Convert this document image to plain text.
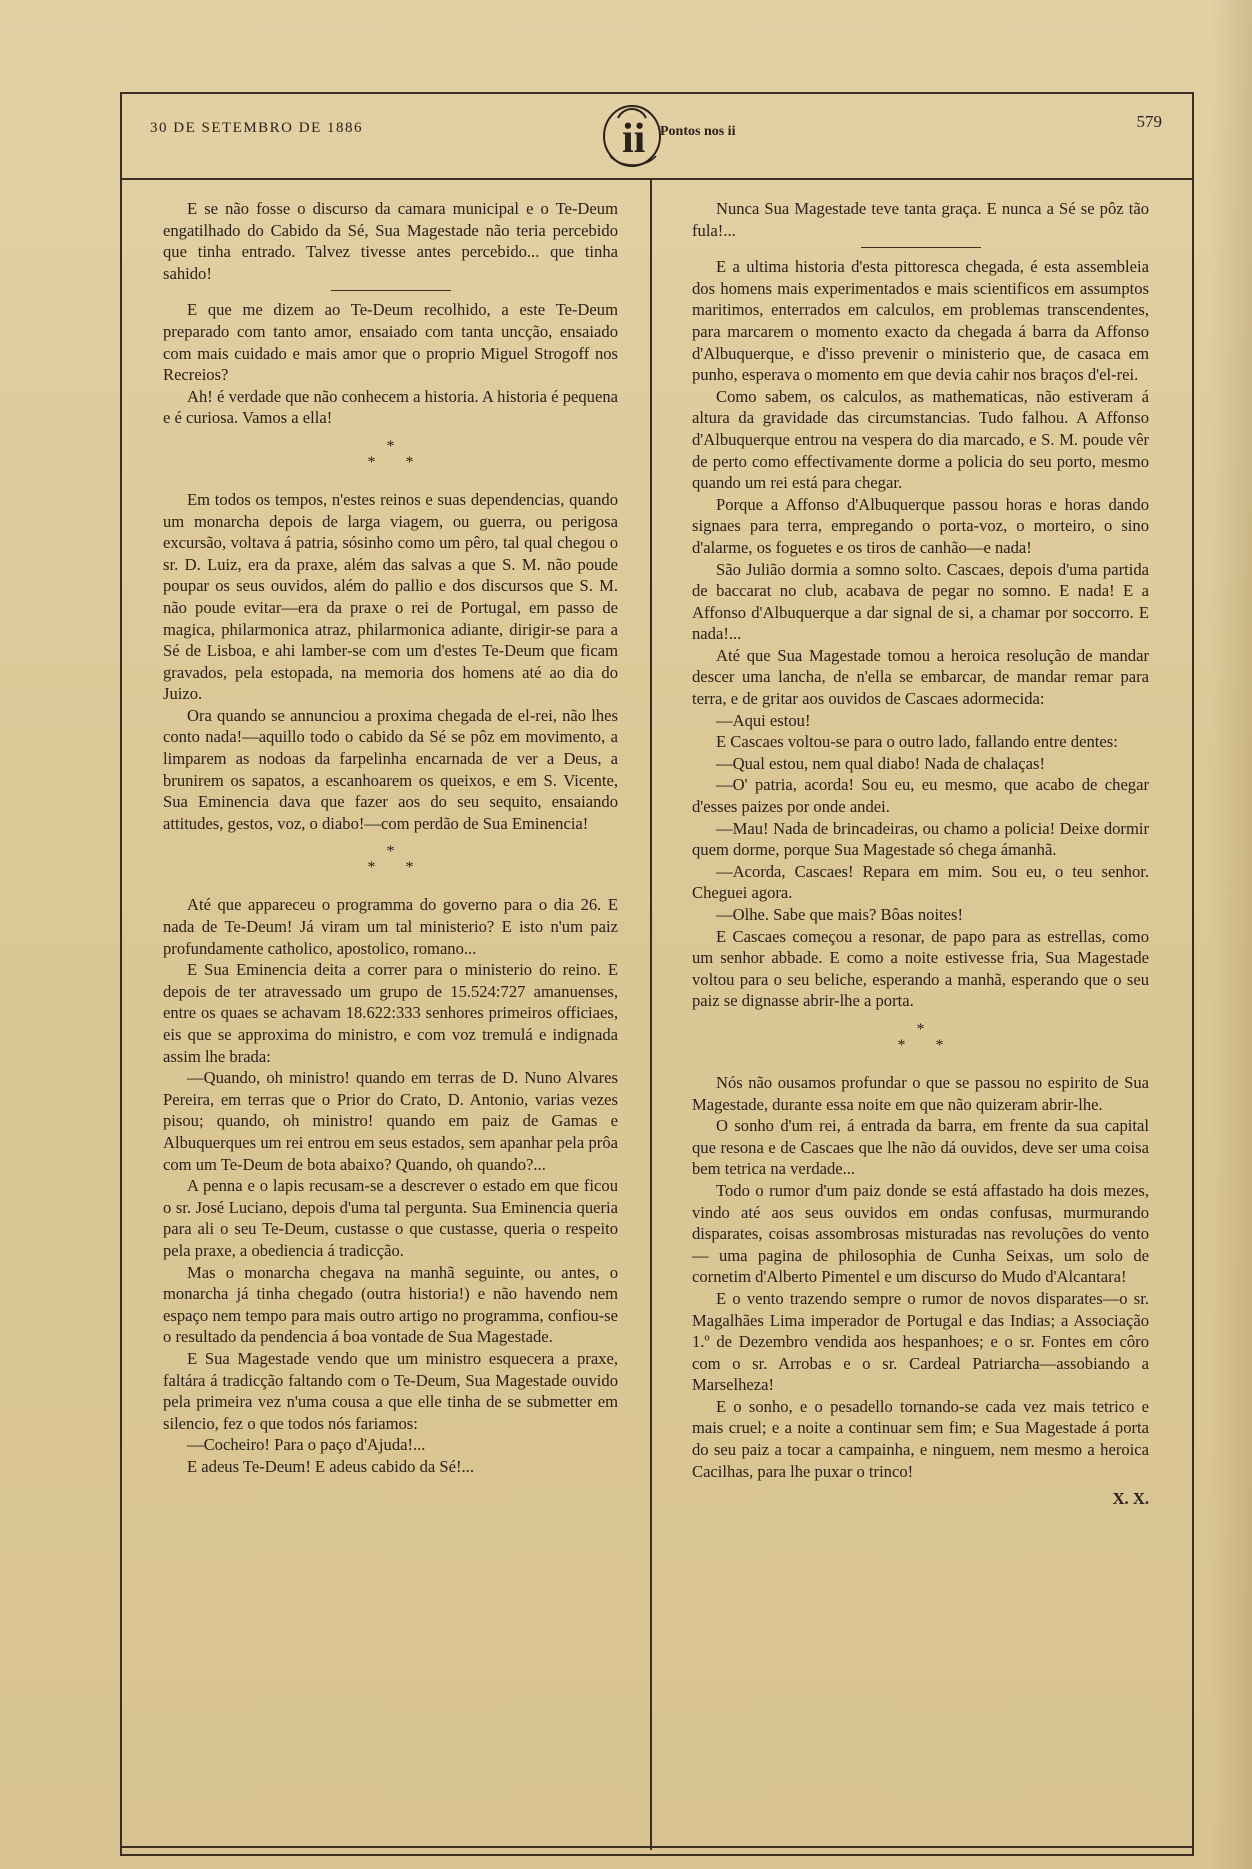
30 DE SETEMBRO DE 1886	ii Pontos nos ii
579

E se não fosse o discurso da camara municipal e o Te-Deum engatilhado do Cabido da Sé, Sua Magestade não teria percebido que tinha entrado. Talvez tivesse antes percebido... que tinha sahido!

E que me dizem ao Te-Deum recolhido, a este Te-Deum preparado com tanto amor, ensaiado com tanta uncção, ensaiado com mais cuidado e mais amor que o proprio Miguel Strogoff nos Recreios?

Ah! é verdade que não conhecem a historia. A historia é pequena e é curiosa. Vamos a ella!

*
**

Em todos os tempos, n'estes reinos e suas dependencias, quando um monarcha depois de larga viagem, ou guerra, ou perigosa excursão, voltava á patria, sósinho como um pêro, tal qual chegou o sr. D. Luiz, era da praxe, além das salvas a que S. M. não poude poupar os seus ouvidos, além do pallio e dos discursos que S. M. não poude evitar—era da praxe o rei de Portugal, em passo de magica, philarmonica atraz, philarmonica adiante, dirigir-se para a Sé de Lisboa, e ahi lamber-se com um d'estes Te-Deum que ficam gravados, pela estopada, na memoria dos homens até ao dia do Juizo.

Ora quando se annunciou a proxima chegada de el-rei, não lhes conto nada!—aquillo todo o cabido da Sé se pôz em movimento, a limparem as nodoas da farpelinha encarnada de ver a Deus, a brunirem os sapatos, a escanhoarem os queixos, e em S. Vicente, Sua Eminencia dava que fazer aos do seu sequito, ensaiando attitudes, gestos, voz, o diabo!—com perdão de Sua Eminencia!

*
**

Até que appareceu o programma do governo para o dia 26. E nada de Te-Deum! Já viram um tal ministerio? E isto n'um paiz profundamente catholico, apostolico, romano...

E Sua Eminencia deita a correr para o ministerio do reino. E depois de ter atravessado um grupo de 15.524:727 amanuenses, entre os quaes se achavam 18.622:333 senhores primeiros officiaes, eis que se approxima do ministro, e com voz tremulá e indignada assim lhe brada:

—Quando, oh ministro! quando em terras de D. Nuno Alvares Pereira, em terras que o Prior do Crato, D. Antonio, varias vezes pisou; quando, oh ministro! quando em paiz de Gamas e Albuquerques um rei entrou em seus estados, sem apanhar pela prôa com um Te-Deum de bota abaixo? Quando, oh quando?...

A penna e o lapis recusam-se a descrever o estado em que ficou o sr. José Luciano, depois d'uma tal pergunta. Sua Eminencia queria para ali o seu Te-Deum, custasse o que custasse, queria o respeito pela praxe, a obediencia á tradicção.

Mas o monarcha chegava na manhã seguinte, ou antes, o monarcha já tinha chegado (outra historia!) e não havendo nem espaço nem tempo para mais outro artigo no programma, confiou-se o resultado da pendencia á boa vontade de Sua Magestade.

E Sua Magestade vendo que um ministro esquecera a praxe, faltára á tradicção faltando com o Te-Deum, Sua Magestade ouvido pela primeira vez n'uma cousa a que elle tinha de se submetter em silencio, fez o que todos nós fariamos:

—Cocheiro! Para o paço d'Ajuda!...

E adeus Te-Deum! E adeus cabido da Sé!...

Nunca Sua Magestade teve tanta graça. E nunca a Sé se pôz tão fula!...

E a ultima historia d'esta pittoresca chegada, é esta assembleia dos homens mais experimentados e mais scientificos em assumptos maritimos, enterrados em calculos, em problemas transcendentes, para marcarem o momento exacto da chegada á barra da Affonso d'Albuquerque, e d'isso prevenir o ministerio que, de casaca em punho, esperava o momento em que devia cahir nos braços d'el-rei.

Como sabem, os calculos, as mathematicas, não estiveram á altura da gravidade das circumstancias. Tudo falhou. A Affonso d'Albuquerque entrou na vespera do dia marcado, e S. M. poude vêr de perto como effectivamente dorme a policia do seu porto, mesmo quando um rei está para chegar.

Porque a Affonso d'Albuquerque passou horas e horas dando signaes para terra, empregando o porta-voz, o morteiro, o sino d'alarme, os foguetes e os tiros de canhão—e nada!

São Julião dormia a somno solto. Cascaes, depois d'uma partida de baccarat no club, acabava de pegar no somno. E nada! E a Affonso d'Albuquerque a dar signal de si, a chamar por soccorro. E nada!...

Até que Sua Magestade tomou a heroica resolução de mandar descer uma lancha, de n'ella se embarcar, de mandar remar para terra, e de gritar aos ouvidos de Cascaes adormecida:

—Aqui estou!

E Cascaes voltou-se para o outro lado, fallando entre dentes:

—Qual estou, nem qual diabo! Nada de chalaças!

—O' patria, acorda! Sou eu, eu mesmo, que acabo de chegar d'esses paizes por onde andei.

—Mau! Nada de brincadeiras, ou chamo a policia! Deixe dormir quem dorme, porque Sua Magestade só chega ámanhã.

—Acorda, Cascaes! Repara em mim. Sou eu, o teu senhor. Cheguei agora.

—Olhe. Sabe que mais? Bôas noites!

E Cascaes começou a resonar, de papo para as estrellas, como um senhor abbade. E como a noite estivesse fria, Sua Magestade voltou para o seu beliche, esperando a manhã, esperando que o seu paiz se dignasse abrir-lhe a porta.

*
**

Nós não ousamos profundar o que se passou no espirito de Sua Magestade, durante essa noite em que não quizeram abrir-lhe.

O sonho d'um rei, á entrada da barra, em frente da sua capital que resona e de Cascaes que lhe não dá ouvidos, deve ser uma coisa bem tetrica na verdade...

Todo o rumor d'um paiz donde se está affastado ha dois mezes, vindo até aos seus ouvidos em ondas confusas, murmurando disparates, coisas assombrosas misturadas nas revoluções do vento — uma pagina de philosophia de Cunha Seixas, um solo de cornetim d'Alberto Pimentel e um discurso do Mudo d'Alcantara!

E o vento trazendo sempre o rumor de novos disparates—o sr. Magalhães Lima imperador de Portugal e das Indias; a Associação 1.º de Dezembro vendida aos hespanhoes; e o sr. Fontes em côro com o sr. Arrobas e o sr. Cardeal Patriarcha—assobiando a Marselheza!

E o sonho, e o pesadello tornando-se cada vez mais tetrico e mais cruel; e a noite a continuar sem fim; e Sua Magestade á porta do seu paiz a tocar a campainha, e ninguem, nem mesmo a heroica Cacilhas, para lhe puxar o trinco!

X. X.
